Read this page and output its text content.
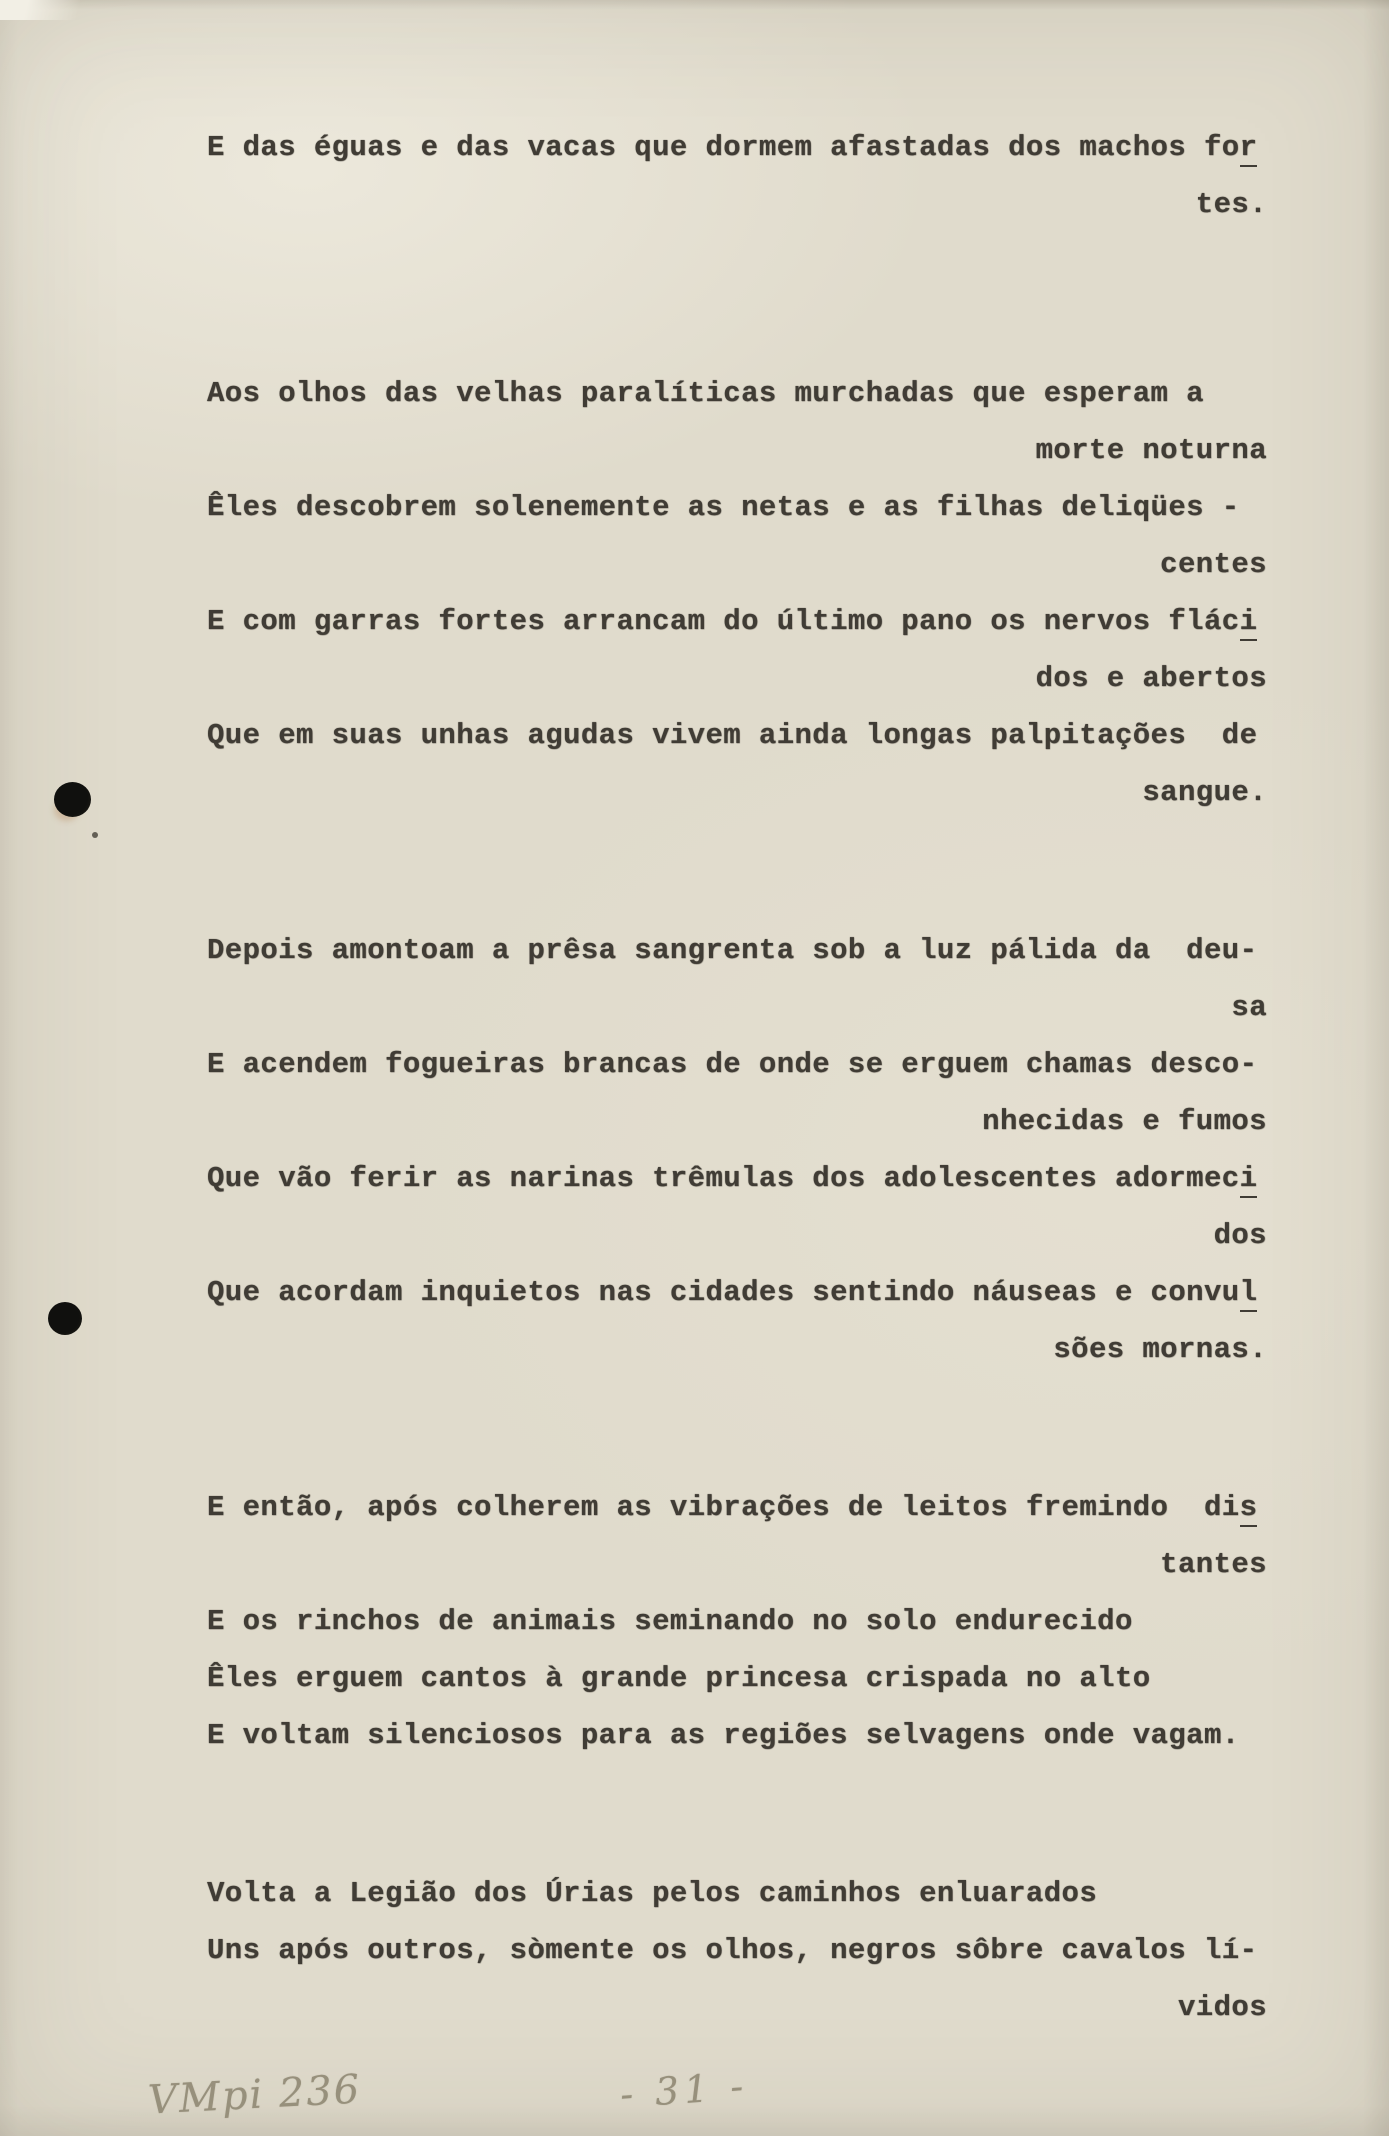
E das éguas e das vacas que dormem afastadas dos machos for
tes.
Aos olhos das velhas paralíticas murchadas que esperam a
morte noturna
Êles descobrem solenemente as netas e as filhas deliqües -
centes
E com garras fortes arrancam do último pano os nervos fláci
dos e abertos
Que em suas unhas agudas vivem ainda longas palpitações  de
sangue.
Depois amontoam a prêsa sangrenta sob a luz pálida da  deu-
sa
E acendem fogueiras brancas de onde se erguem chamas desco-
nhecidas e fumos
Que vão ferir as narinas trêmulas dos adolescentes adormeci
dos
Que acordam inquietos nas cidades sentindo náuseas e convul
sões mornas.
E então, após colherem as vibrações de leitos fremindo  dis
tantes
E os rinchos de animais seminando no solo endurecido
Êles erguem cantos à grande princesa crispada no alto
E voltam silenciosos para as regiões selvagens onde vagam.
Volta a Legião dos Úrias pelos caminhos enluarados
Uns após outros, sòmente os olhos, negros sôbre cavalos lí-
vidos
VMpi 236	- 31 -
